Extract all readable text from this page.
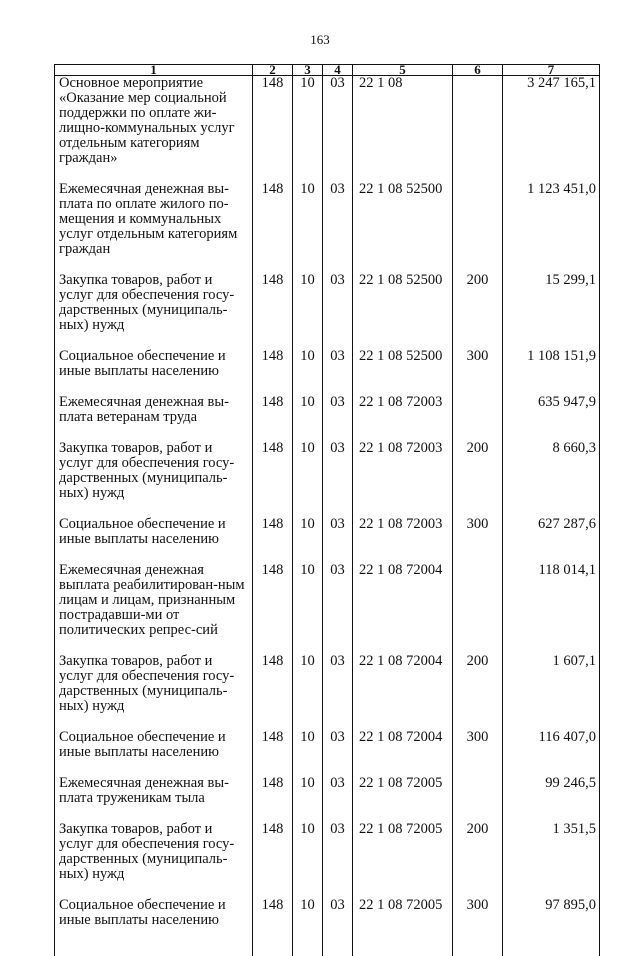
163
1	2	3	4	5	6	7
Основное мероприятие «Оказание мер социальной поддержки по оплате жи-лищно-коммунальных услуг отдельным категориям граждан»	148	10	03	22 1 08		3 247 165,1

Ежемесячная денежная вы-плата по оплате жилого по-мещения и коммунальных услуг отдельным категориям граждан	148	10	03	22 1 08 52500		1 123 451,0

Закупка товаров, работ и услуг для обеспечения госу-дарственных (муниципаль-ных) нужд	148	10	03	22 1 08 52500	200	15 299,1

Социальное обеспечение и иные выплаты населению	148	10	03	22 1 08 52500	300	1 108 151,9

Ежемесячная денежная вы-плата ветеранам труда	148	10	03	22 1 08 72003		635 947,9

Закупка товаров, работ и услуг для обеспечения госу-дарственных (муниципаль-ных) нужд	148	10	03	22 1 08 72003	200	8 660,3

Социальное обеспечение и иные выплаты населению	148	10	03	22 1 08 72003	300	627 287,6

Ежемесячная денежная выплата реабилитирован-ным лицам и лицам, признанным пострадавши-ми от политических репрес-сий	148	10	03	22 1 08 72004		118 014,1

Закупка товаров, работ и услуг для обеспечения госу-дарственных (муниципаль-ных) нужд	148	10	03	22 1 08 72004	200	1 607,1

Социальное обеспечение и иные выплаты населению	148	10	03	22 1 08 72004	300	116 407,0

Ежемесячная денежная вы-плата труженикам тыла	148	10	03	22 1 08 72005		99 246,5

Закупка товаров, работ и услуг для обеспечения госу-дарственных (муниципаль-ных) нужд	148	10	03	22 1 08 72005	200	1 351,5

Социальное обеспечение и иные выплаты населению	148	10	03	22 1 08 72005	300	97 895,0
